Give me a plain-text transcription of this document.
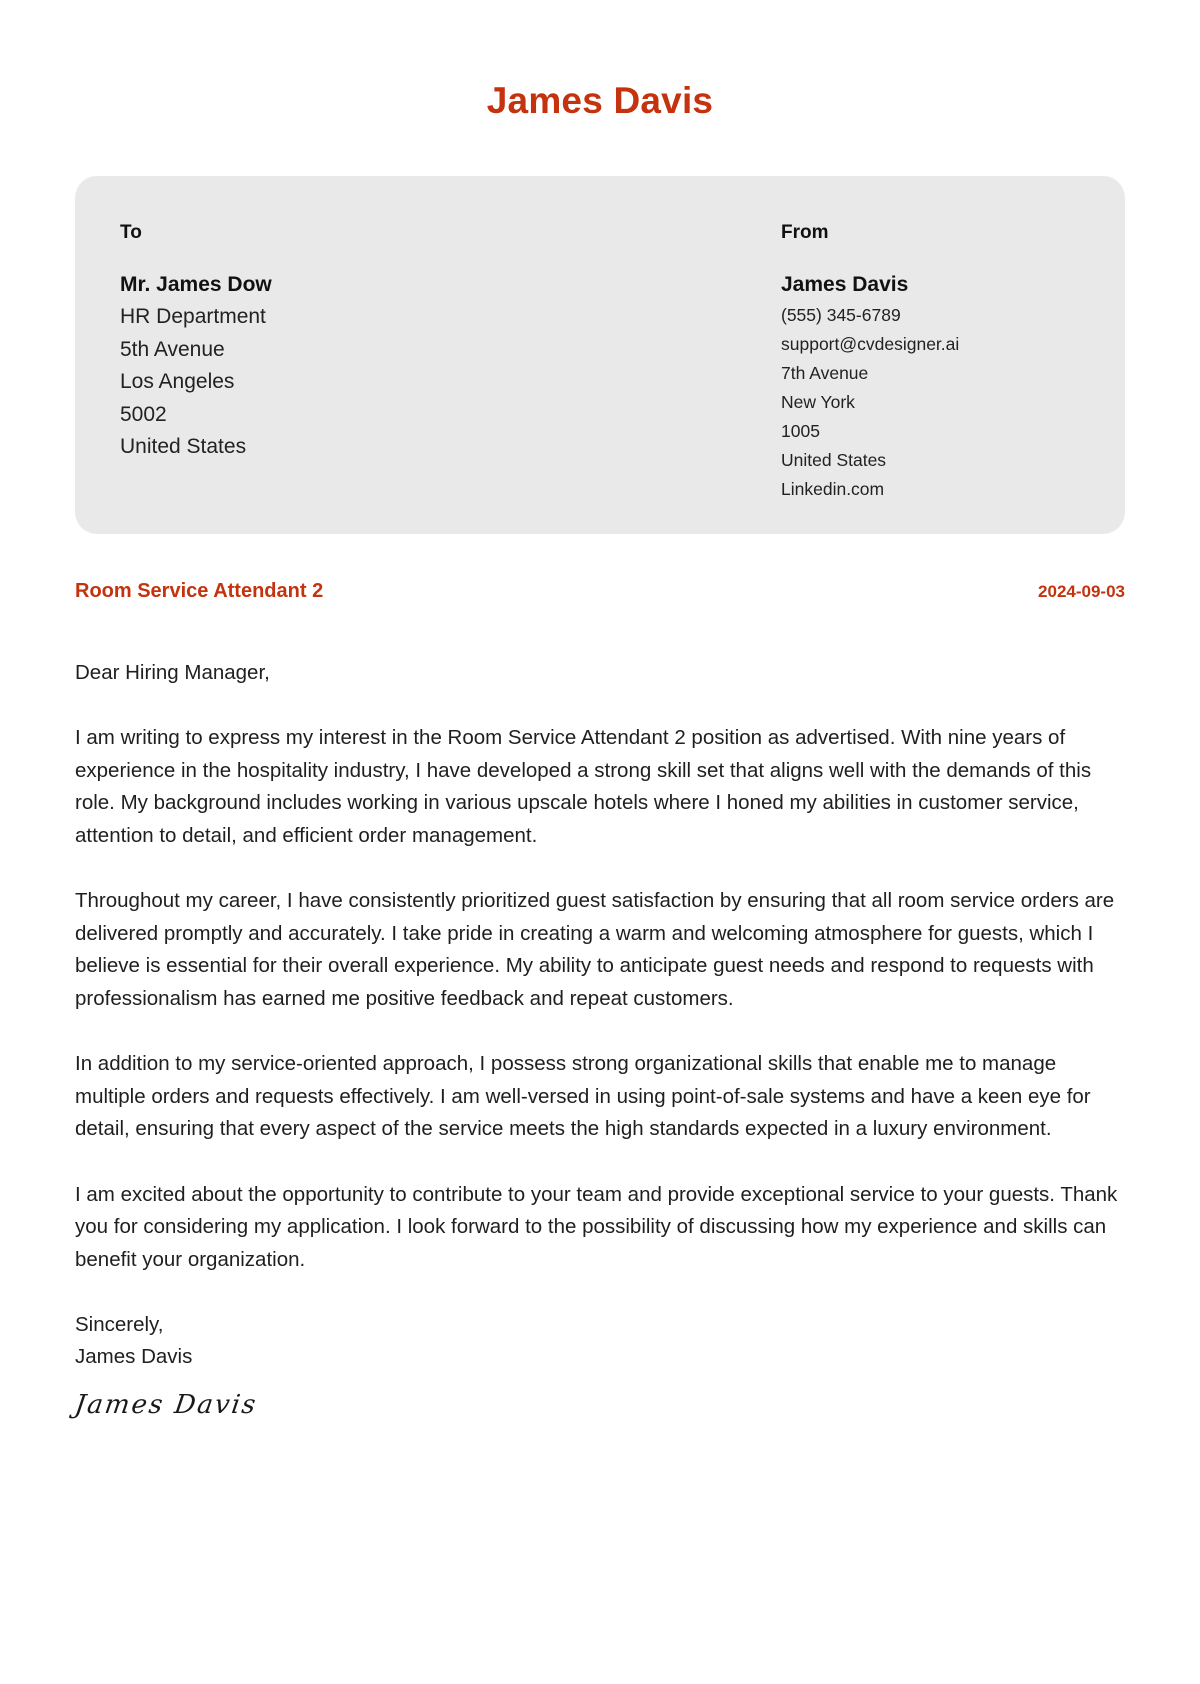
James Davis
To
Mr. James Dow
HR Department
5th Avenue
Los Angeles
5002
United States
From
James Davis
(555) 345-6789
support@cvdesigner.ai
7th Avenue
New York
1005
United States
Linkedin.com
Room Service Attendant 2	2024-09-03

Dear Hiring Manager,

I am writing to express my interest in the Room Service Attendant 2 position as advertised. With nine years of experience in the hospitality industry, I have developed a strong skill set that aligns well with the demands of this role. My background includes working in various upscale hotels where I honed my abilities in customer service, attention to detail, and efficient order management.

Throughout my career, I have consistently prioritized guest satisfaction by ensuring that all room service orders are delivered promptly and accurately. I take pride in creating a warm and welcoming atmosphere for guests, which I believe is essential for their overall experience. My ability to anticipate guest needs and respond to requests with professionalism has earned me positive feedback and repeat customers.

In addition to my service-oriented approach, I possess strong organizational skills that enable me to manage multiple orders and requests effectively. I am well-versed in using point-of-sale systems and have a keen eye for detail, ensuring that every aspect of the service meets the high standards expected in a luxury environment.

I am excited about the opportunity to contribute to your team and provide exceptional service to your guests. Thank you for considering my application. I look forward to the possibility of discussing how my experience and skills can benefit your organization.

Sincerely,
James Davis

James Davis
